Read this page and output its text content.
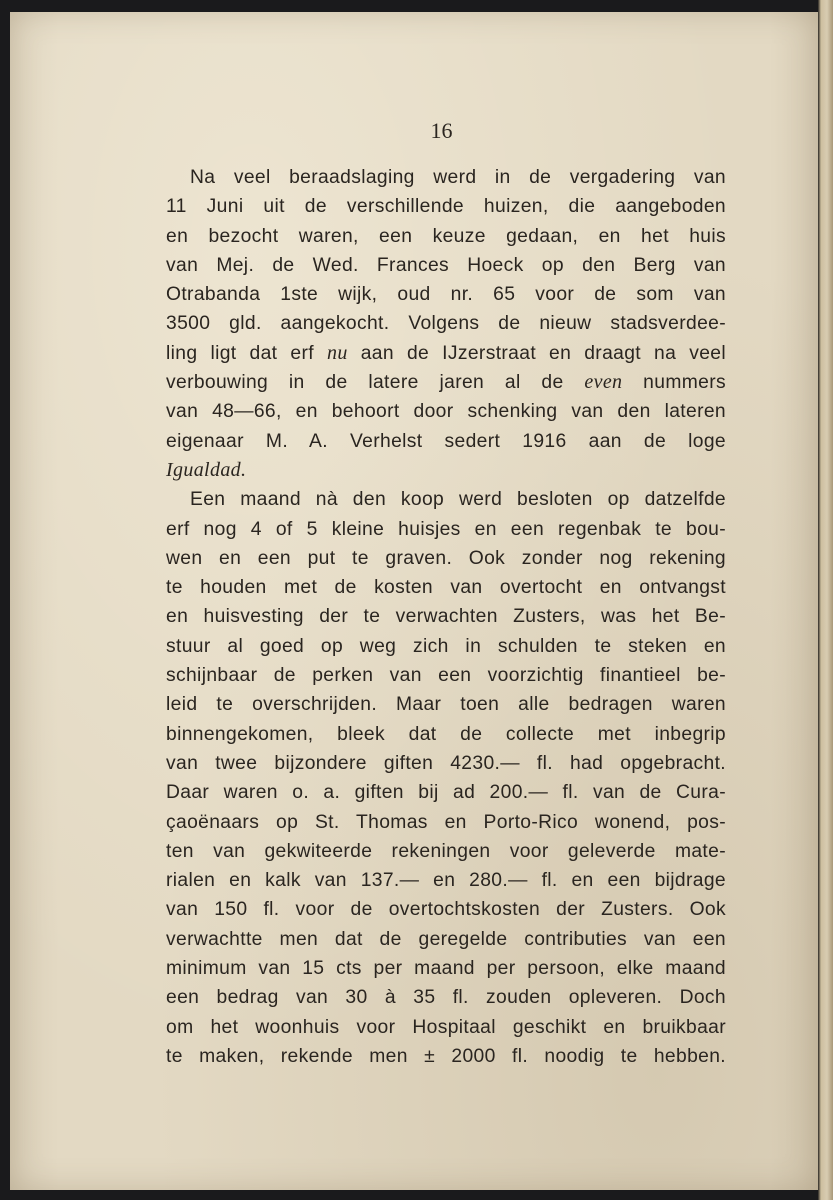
16

Na veel beraadslaging werd in de vergadering van
11 Juni uit de verschillende huizen, die aangeboden
en bezocht waren, een keuze gedaan, en het huis
van Mej. de Wed. Frances Hoeck op den Berg van
Otrabanda 1ste wijk, oud nr. 65 voor de som van
3500 gld. aangekocht. Volgens de nieuw stadsverdee-
ling ligt dat erf nu aan de IJzerstraat en draagt na veel
verbouwing in de latere jaren al de even nummers
van 48—66, en behoort door schenking van den lateren
eigenaar M. A. Verhelst sedert 1916 aan de loge
Igualdad.
Een maand nà den koop werd besloten op datzelfde
erf nog 4 of 5 kleine huisjes en een regenbak te bou-
wen en een put te graven. Ook zonder nog rekening
te houden met de kosten van overtocht en ontvangst
en huisvesting der te verwachten Zusters, was het Be-
stuur al goed op weg zich in schulden te steken en
schijnbaar de perken van een voorzichtig finantieel be-
leid te overschrijden. Maar toen alle bedragen waren
binnengekomen, bleek dat de collecte met inbegrip
van twee bijzondere giften 4230.— fl. had opgebracht.
Daar waren o. a. giften bij ad 200.— fl. van de Cura-
çaoënaars op St. Thomas en Porto-Rico wonend, pos-
ten van gekwiteerde rekeningen voor geleverde mate-
rialen en kalk van 137.— en 280.— fl. en een bijdrage
van 150 fl. voor de overtochtskosten der Zusters. Ook
verwachtte men dat de geregelde contributies van een
minimum van 15 cts per maand per persoon, elke maand
een bedrag van 30 à 35 fl. zouden opleveren. Doch
om het woonhuis voor Hospitaal geschikt en bruikbaar
te maken, rekende men ± 2000 fl. noodig te hebben.
